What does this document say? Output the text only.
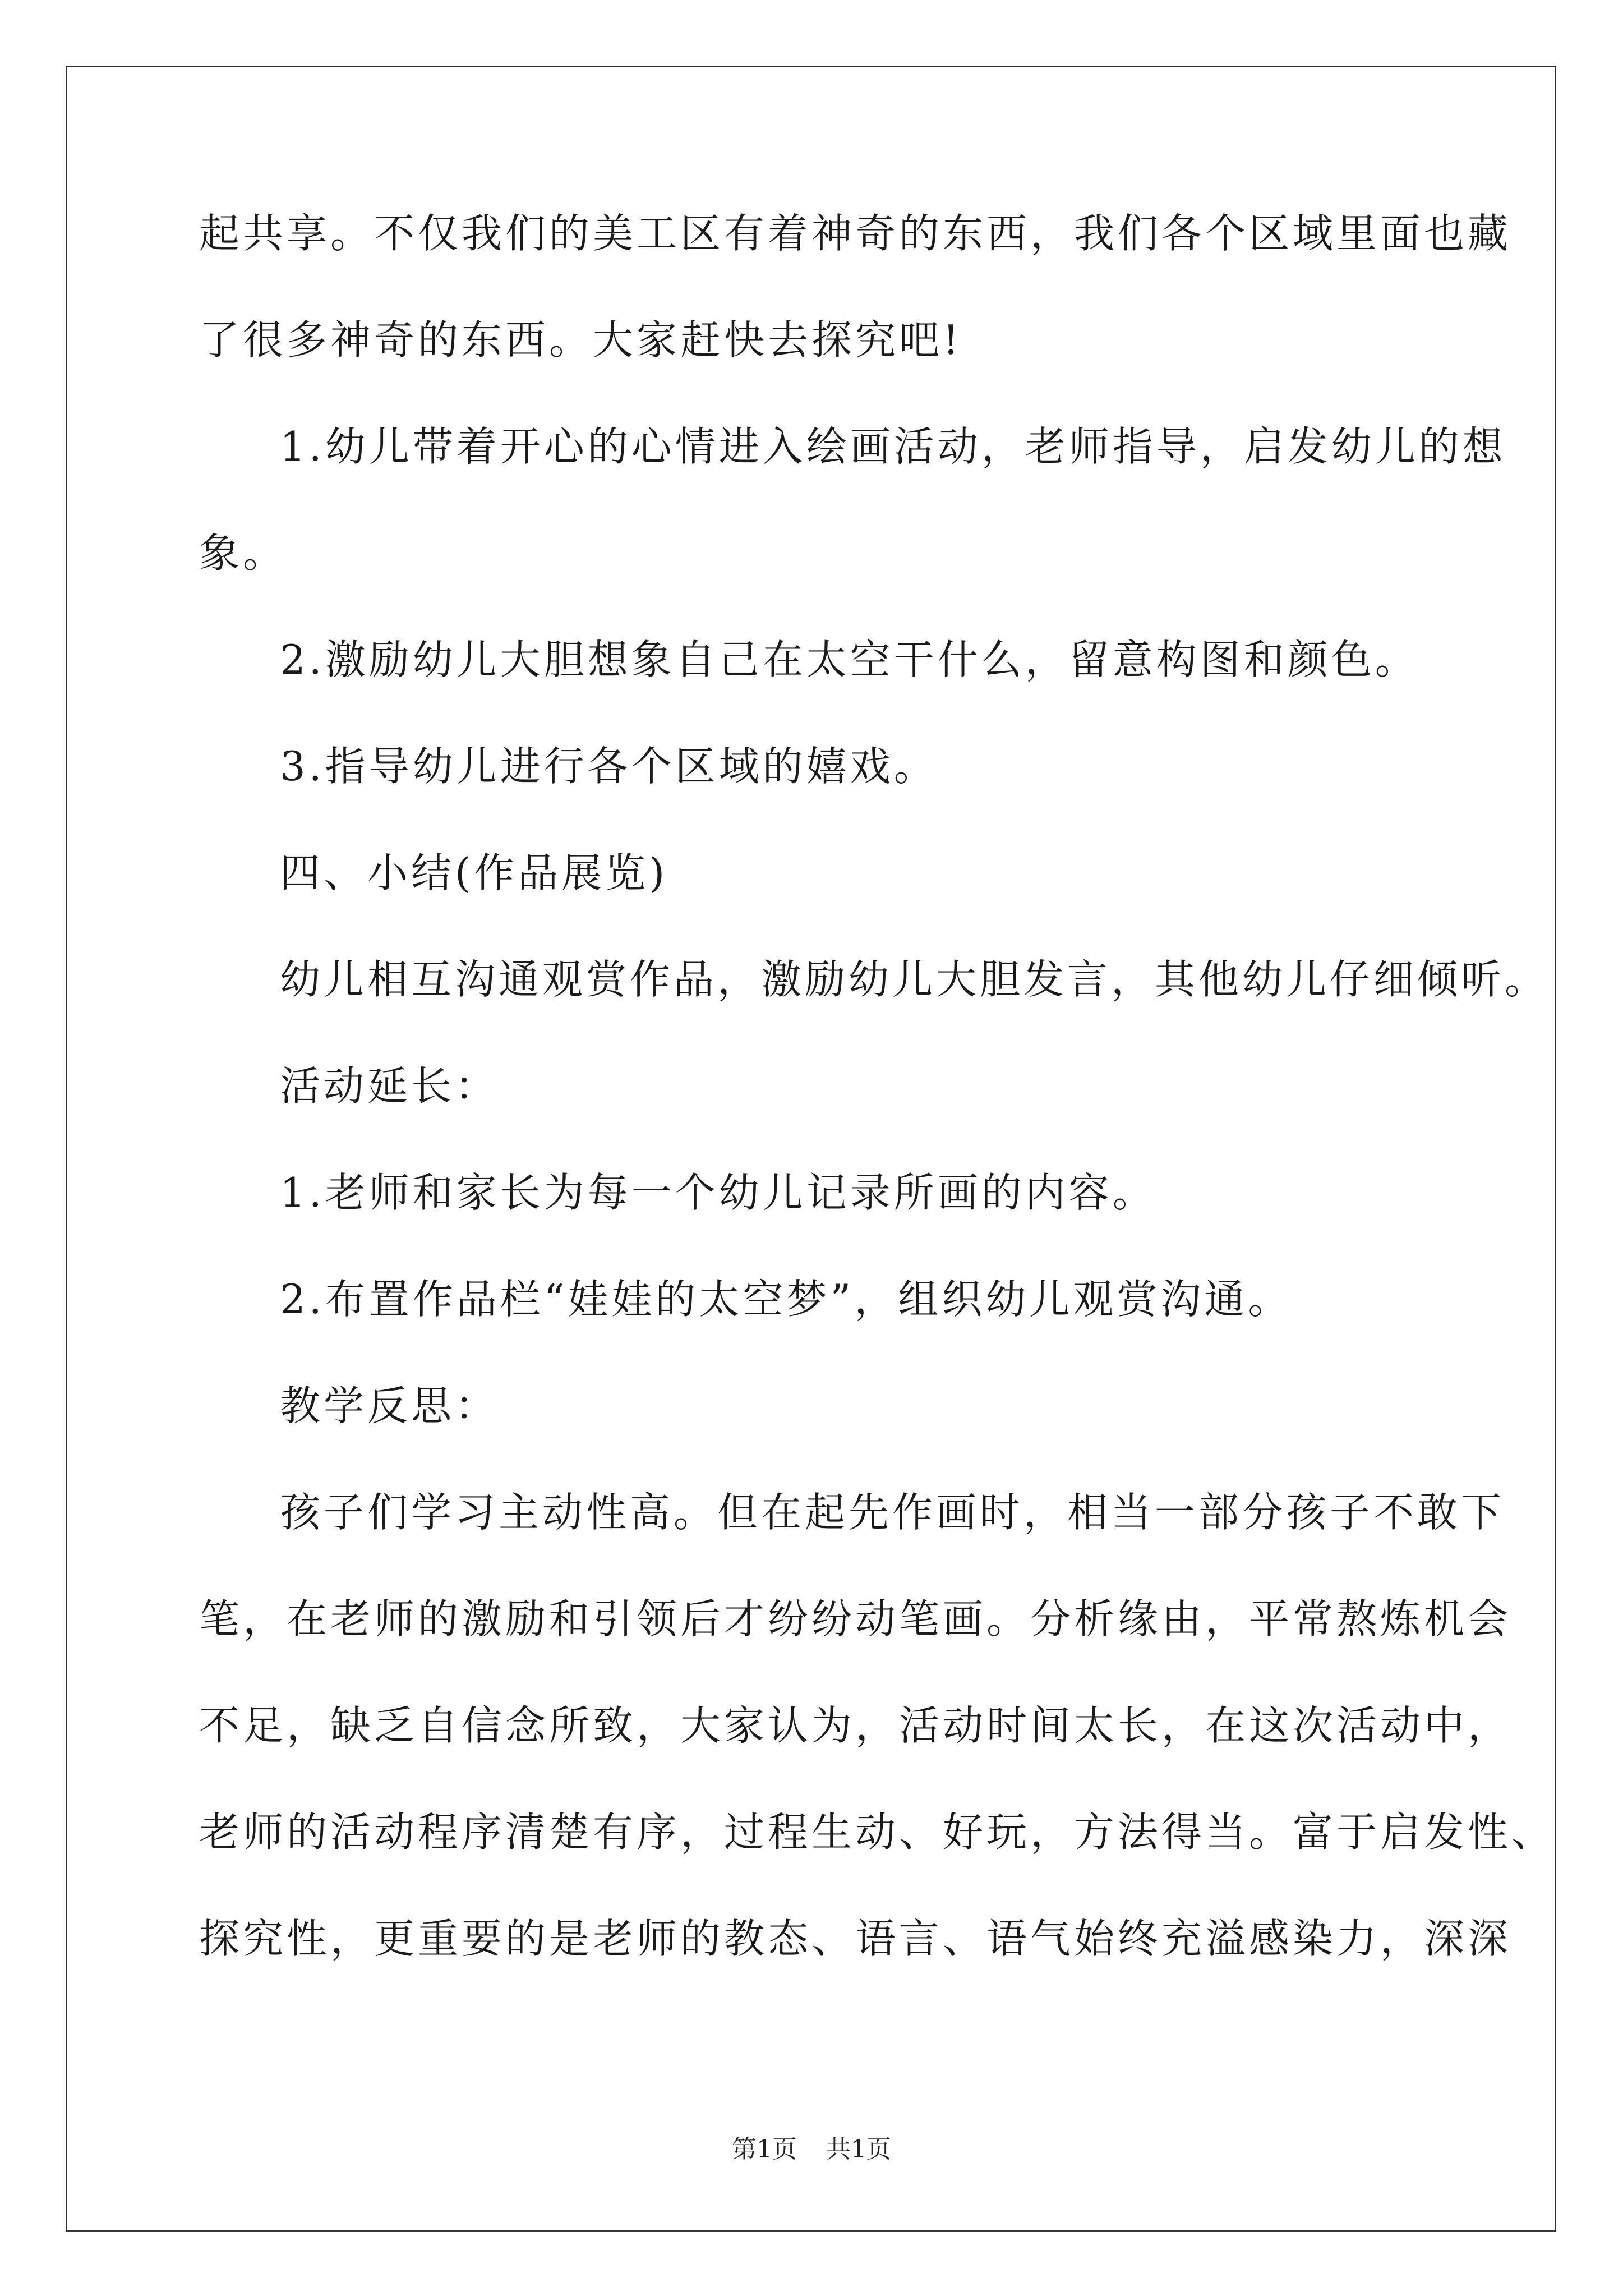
起共享。不仅我们的美工区有着神奇的东西，我们各个区域里面也藏
了很多神奇的东西。大家赶快去探究吧!
1.幼儿带着开心的心情进入绘画活动，老师指导，启发幼儿的想
象。
2.激励幼儿大胆想象自己在太空干什么，留意构图和颜色。
3.指导幼儿进行各个区域的嬉戏。
四、小结(作品展览)
幼儿相互沟通观赏作品，激励幼儿大胆发言，其他幼儿仔细倾听。
活动延长：
1.老师和家长为每一个幼儿记录所画的内容。
2.布置作品栏“娃娃的太空梦”，组织幼儿观赏沟通。
教学反思：
孩子们学习主动性高。但在起先作画时，相当一部分孩子不敢下
笔，在老师的激励和引领后才纷纷动笔画。分析缘由，平常熬炼机会
不足，缺乏自信念所致，大家认为，活动时间太长，在这次活动中，
老师的活动程序清楚有序，过程生动、好玩，方法得当。富于启发性、
探究性，更重要的是老师的教态、语言、语气始终充溢感染力，深深
第1页 共1页
